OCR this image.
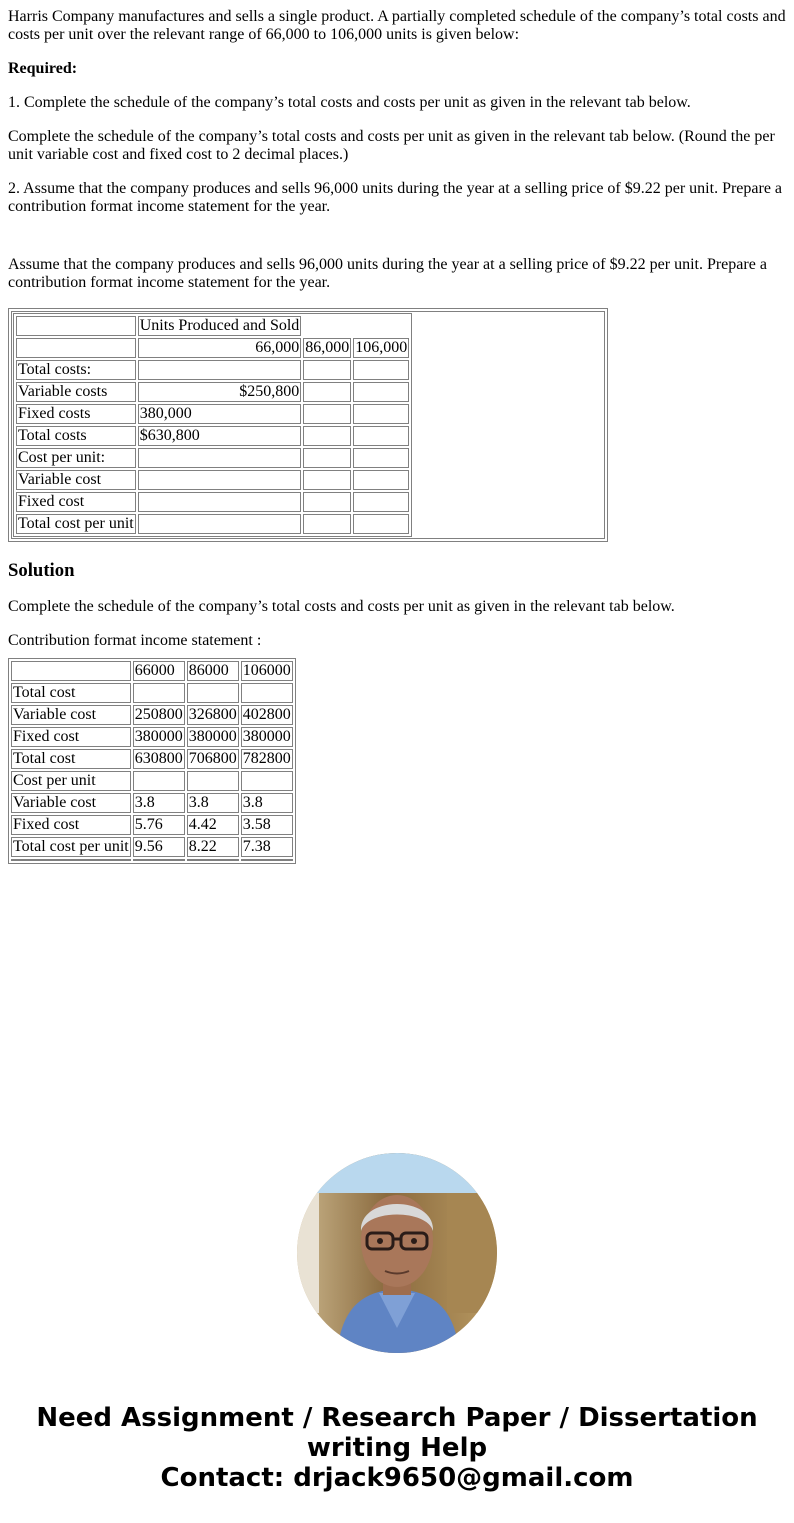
Harris Company manufactures and sells a single product. A partially completed schedule of the company’s total costs and costs per unit over the relevant range of 66,000 to 106,000 units is given below:

Required:

1. Complete the schedule of the company’s total costs and costs per unit as given in the relevant tab below.

Complete the schedule of the company’s total costs and costs per unit as given in the relevant tab below. (Round the per unit variable cost and fixed cost to 2 decimal places.)

2. Assume that the company produces and sells 96,000 units during the year at a selling price of $9.22 per unit. Prepare a contribution format income statement for the year.

Assume that the company produces and sells 96,000 units during the year at a selling price of $9.22 per unit. Prepare a contribution format income statement for the year.

	Units Produced and Sold
	66,000	86,000	106,000
Total costs:			
Variable costs	$250,800		
Fixed costs	380,000		
Total costs	$630,800		
Cost per unit:			
Variable cost			
Fixed cost			
Total cost per unit			
Solution

Complete the schedule of the company’s total costs and costs per unit as given in the relevant tab below.

Contribution format income statement :

	66000	86000	106000
Total cost			
Variable cost	250800	326800	402800
Fixed cost	380000	380000	380000
Total cost	630800	706800	782800
Cost per unit			
Variable cost	3.8	3.8	3.8
Fixed cost	5.76	4.42	3.58
Total cost per unit	9.56	8.22	7.38

Need Assignment / Research Paper / Dissertation
writing Help
Contact: drjack9650@gmail.com
